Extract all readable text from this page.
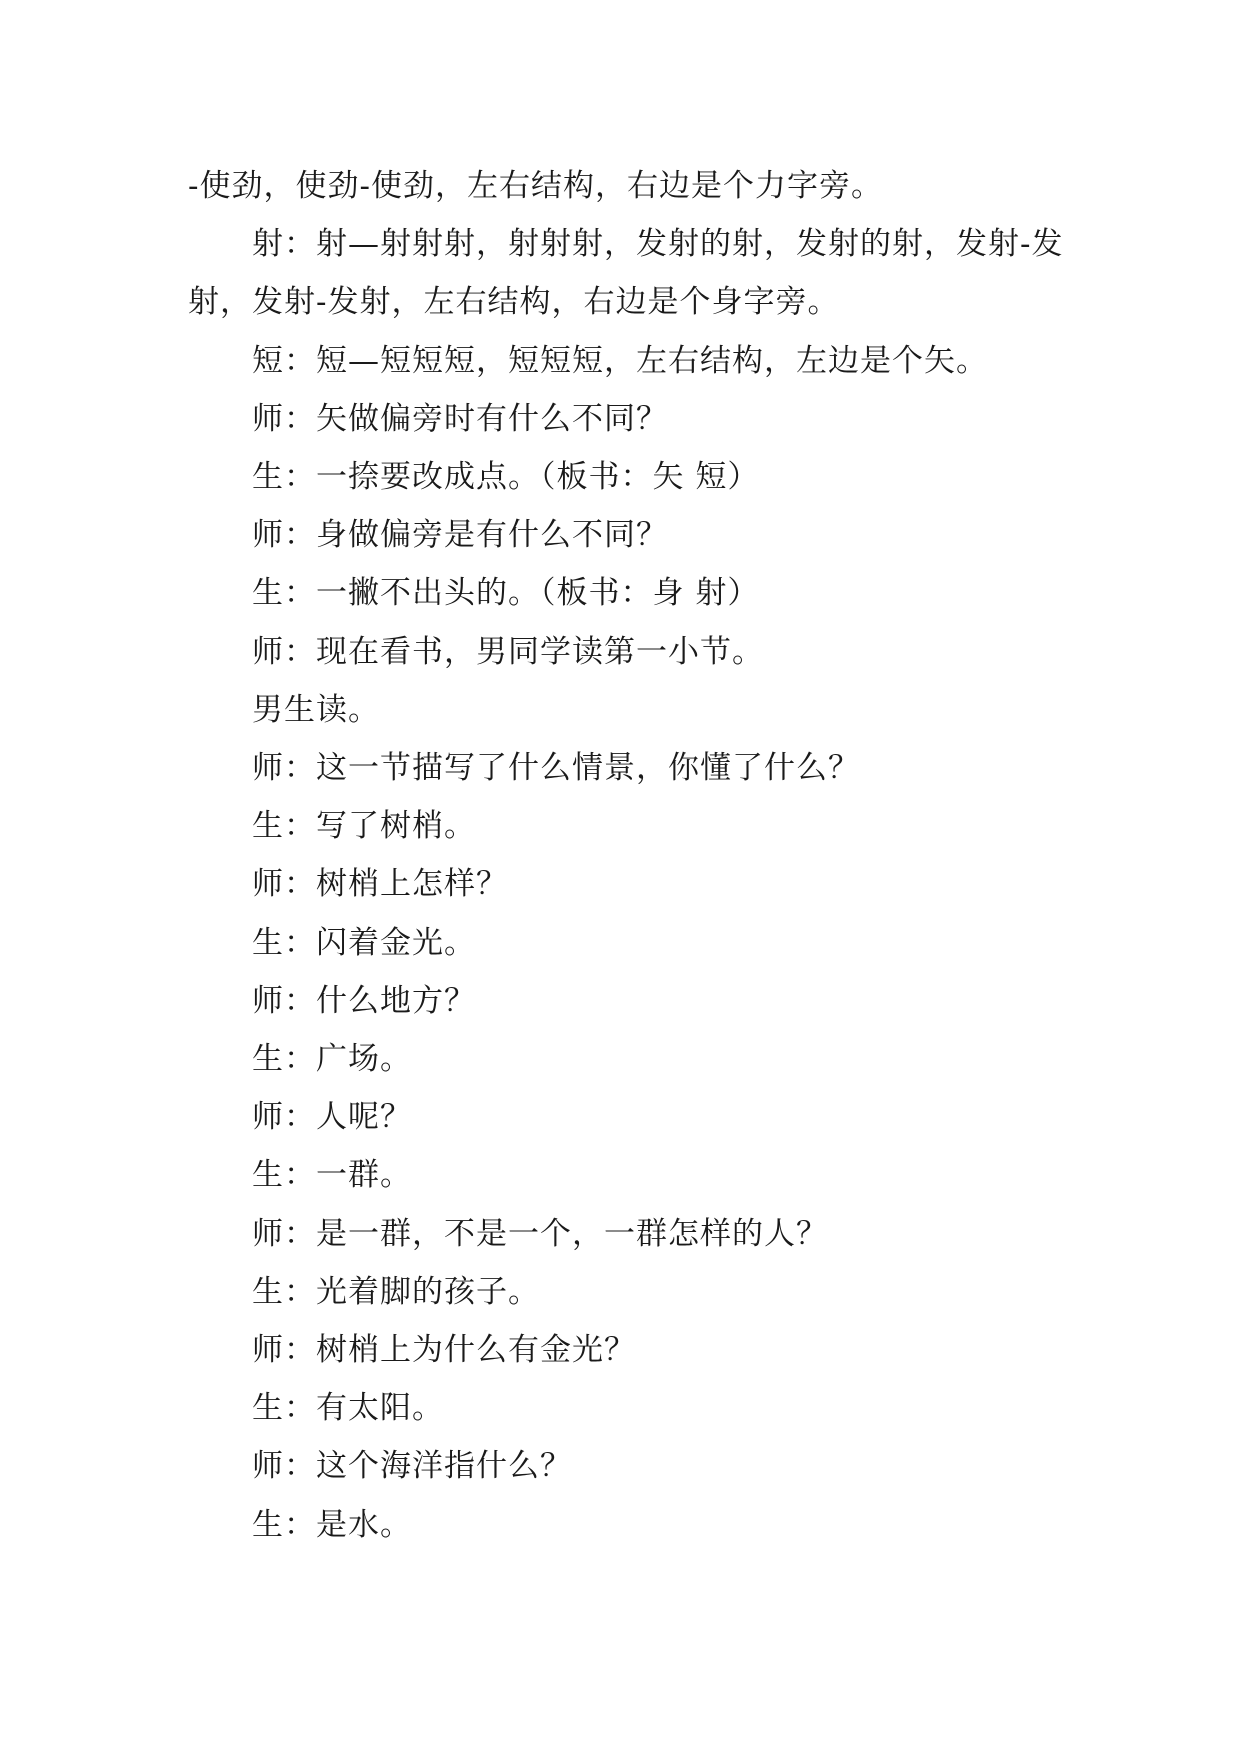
-使劲，使劲-使劲，左右结构，右边是个力字旁。

射：射—射射射，射射射，发射的射，发射的射，发射-发射，发射-发射，左右结构，右边是个身字旁。

短：短—短短短，短短短，左右结构，左边是个矢。

师：矢做偏旁时有什么不同？

生：一捺要改成点。（板书：矢 短）

师：身做偏旁是有什么不同？

生：一撇不出头的。（板书：身 射）

师：现在看书，男同学读第一小节。

男生读。

师：这一节描写了什么情景，你懂了什么？

生：写了树梢。

师：树梢上怎样？

生：闪着金光。

师：什么地方？

生：广场。

师：人呢？

生：一群。

师：是一群，不是一个，一群怎样的人？

生：光着脚的孩子。

师：树梢上为什么有金光？

生：有太阳。

师：这个海洋指什么？

生：是水。
